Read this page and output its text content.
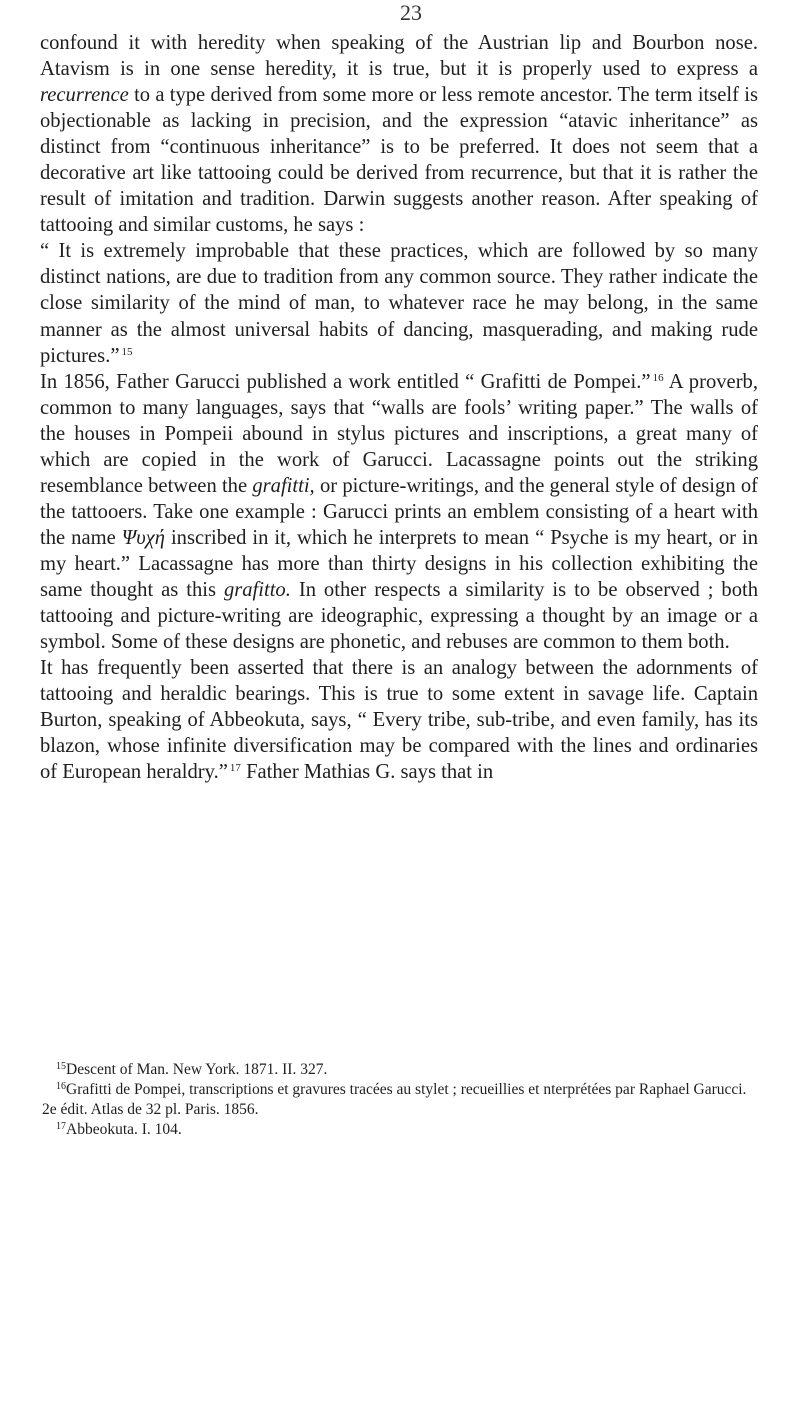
23

confound it with heredity when speaking of the Austrian lip and Bourbon nose. Atavism is in one sense heredity, it is true, but it is properly used to express a recurrence to a type derived from some more or less remote ancestor. The term itself is objectionable as lacking in precision, and the expression “atavic inheritance” as distinct from “continuous inheritance” is to be preferred. It does not seem that a decorative art like tattooing could be derived from recurrence, but that it is rather the result of imitation and tradition. Darwin suggests another reason. After speaking of tattooing and similar customs, he says :

“ It is extremely improbable that these practices, which are followed by so many distinct nations, are due to tradition from any common source. They rather indicate the close similarity of the mind of man, to whatever race he may belong, in the same manner as the almost universal habits of dancing, masquerading, and making rude pictures.” $^{15}$

In 1856, Father Garucci published a work entitled “ Grafitti de Pompei.” $^{16}$ A proverb, common to many languages, says that “walls are fools’ writing paper.” The walls of the houses in Pompeii abound in stylus pictures and inscriptions, a great many of which are copied in the work of Garucci. Lacassagne points out the striking resemblance between the grafitti, or picture-writings, and the general style of design of the tattooers. Take one example : Garucci prints an emblem consisting of a heart with the name Ψυχή inscribed in it, which he interprets to mean “ Psyche is my heart, or in my heart.” Lacassagne has more than thirty designs in his collection exhibiting the same thought as this grafitto. In other respects a similarity is to be observed ; both tattooing and picture-writing are ideographic, expressing a thought by an image or a symbol. Some of these designs are phonetic, and rebuses are common to them both.

It has frequently been asserted that there is an analogy between the adornments of tattooing and heraldic bearings. This is true to some extent in savage life. Captain Burton, speaking of Abbeokuta, says, “ Every tribe, sub-tribe, and even family, has its blazon, whose infinite diversification may be compared with the lines and ordinaries of European heraldry.” $^{17}$ Father Mathias G. says that in

$^{15}$Descent of Man. New York. 1871. II. 327.

$^{16}$Grafitti de Pompei, transcriptions et gravures tracées au stylet ; recueillies et nterprétées par Raphael Garucci. 2e édit. Atlas de 32 pl. Paris. 1856.

$^{17}$Abbeokuta. I. 104.
